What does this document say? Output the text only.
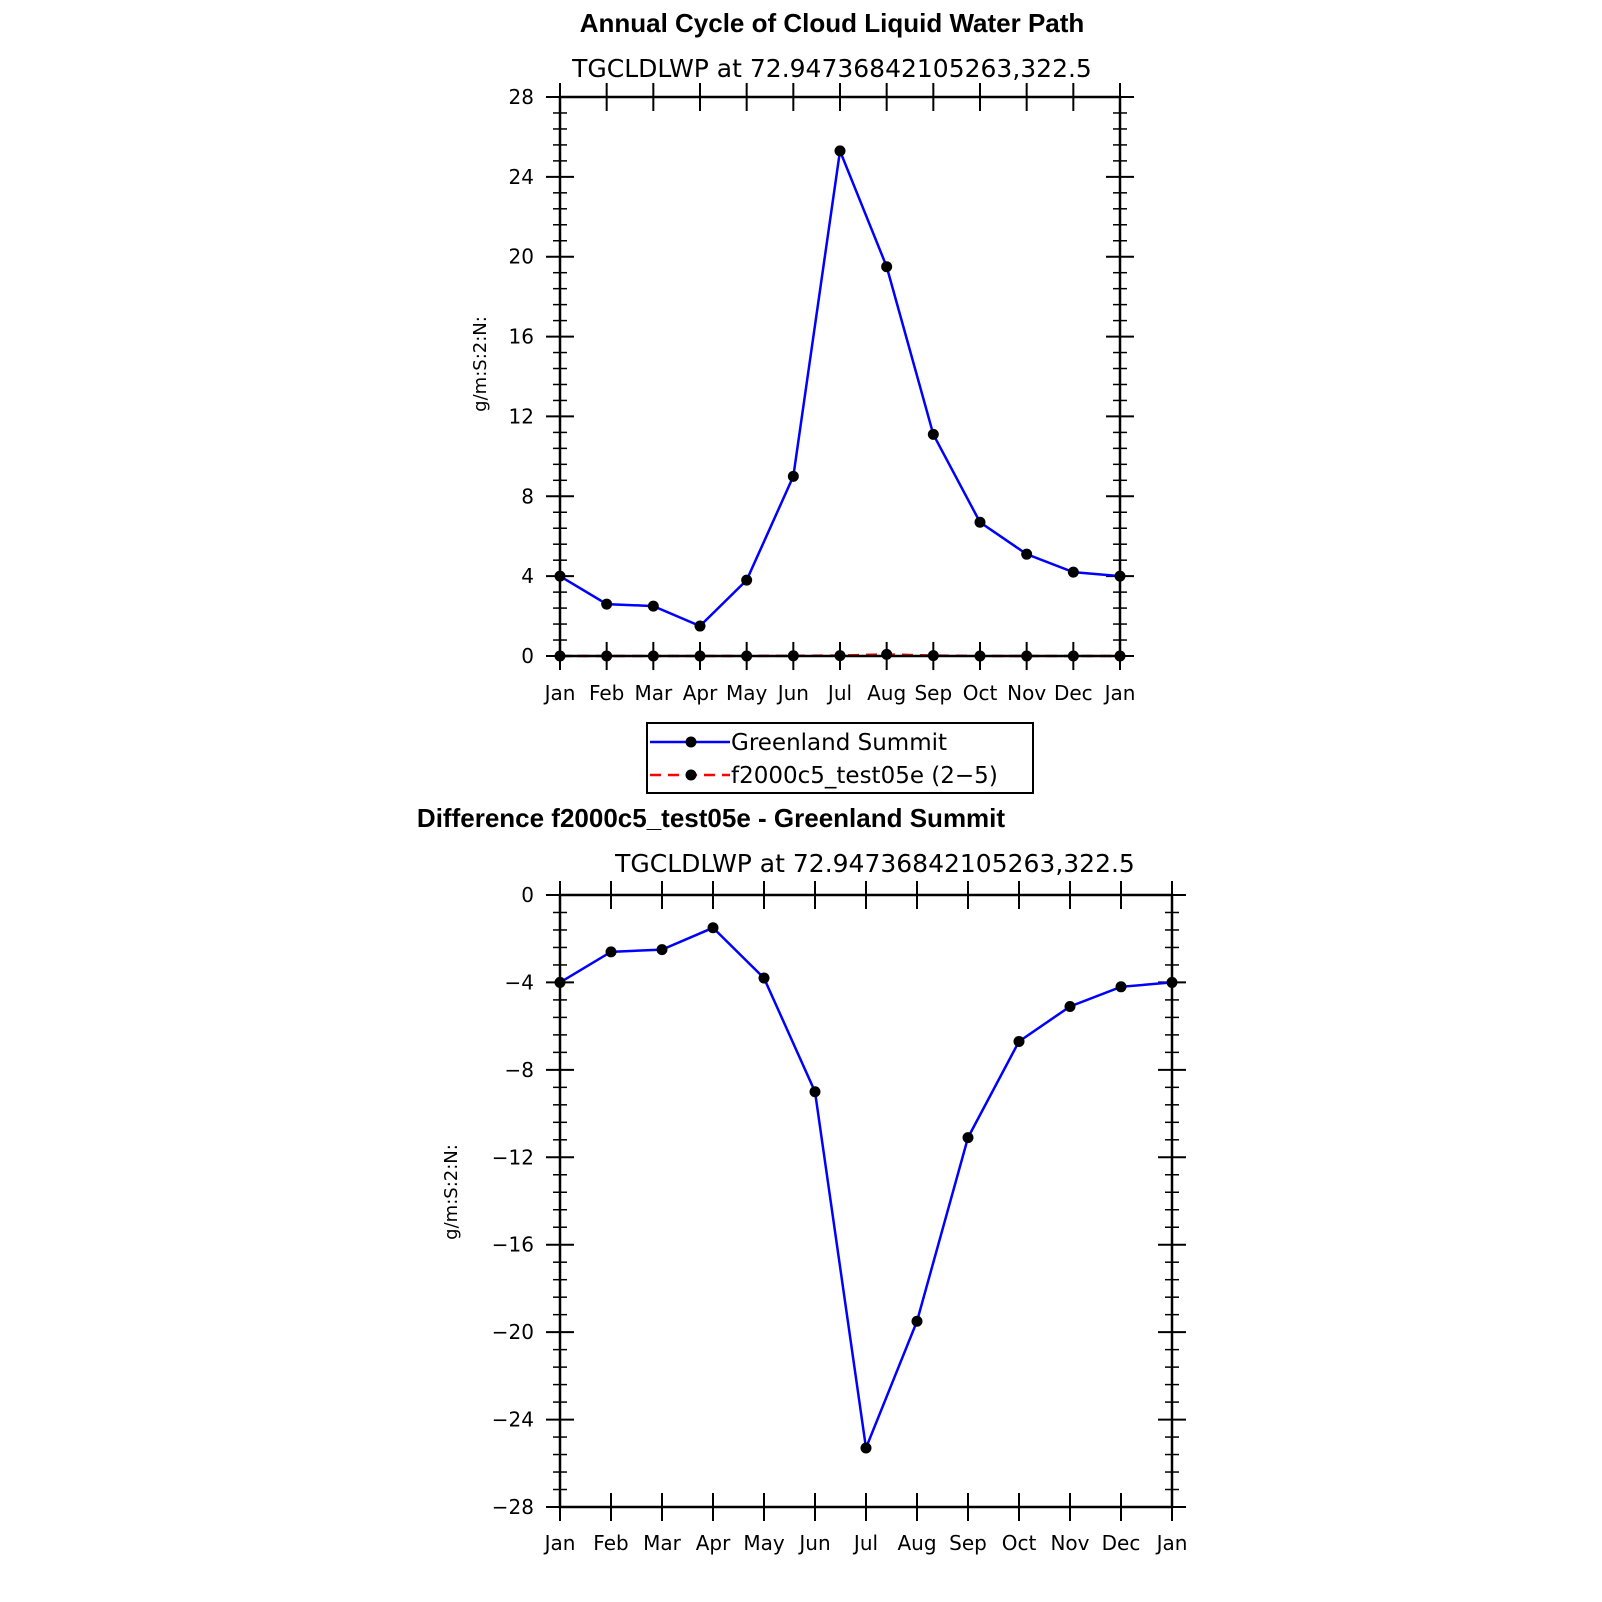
Annual Cycle of Cloud Liquid Water Path
TGCLDLWP at 72.94736842105263,322.5
g/m:S:2:N:
0
4
8
12
16
20
24
28
Jan Feb Mar Apr May Jun Jul Aug Sep Oct Nov Dec Jan
Greenland Summit
f2000c5_test05e (2−5)
Difference f2000c5_test05e - Greenland Summit
TGCLDLWP at 72.94736842105263,322.5
g/m:S:2:N:
0
−4
−8
−12
−16
−20
−24
−28
Jan Feb Mar Apr May Jun Jul Aug Sep Oct Nov Dec Jan
